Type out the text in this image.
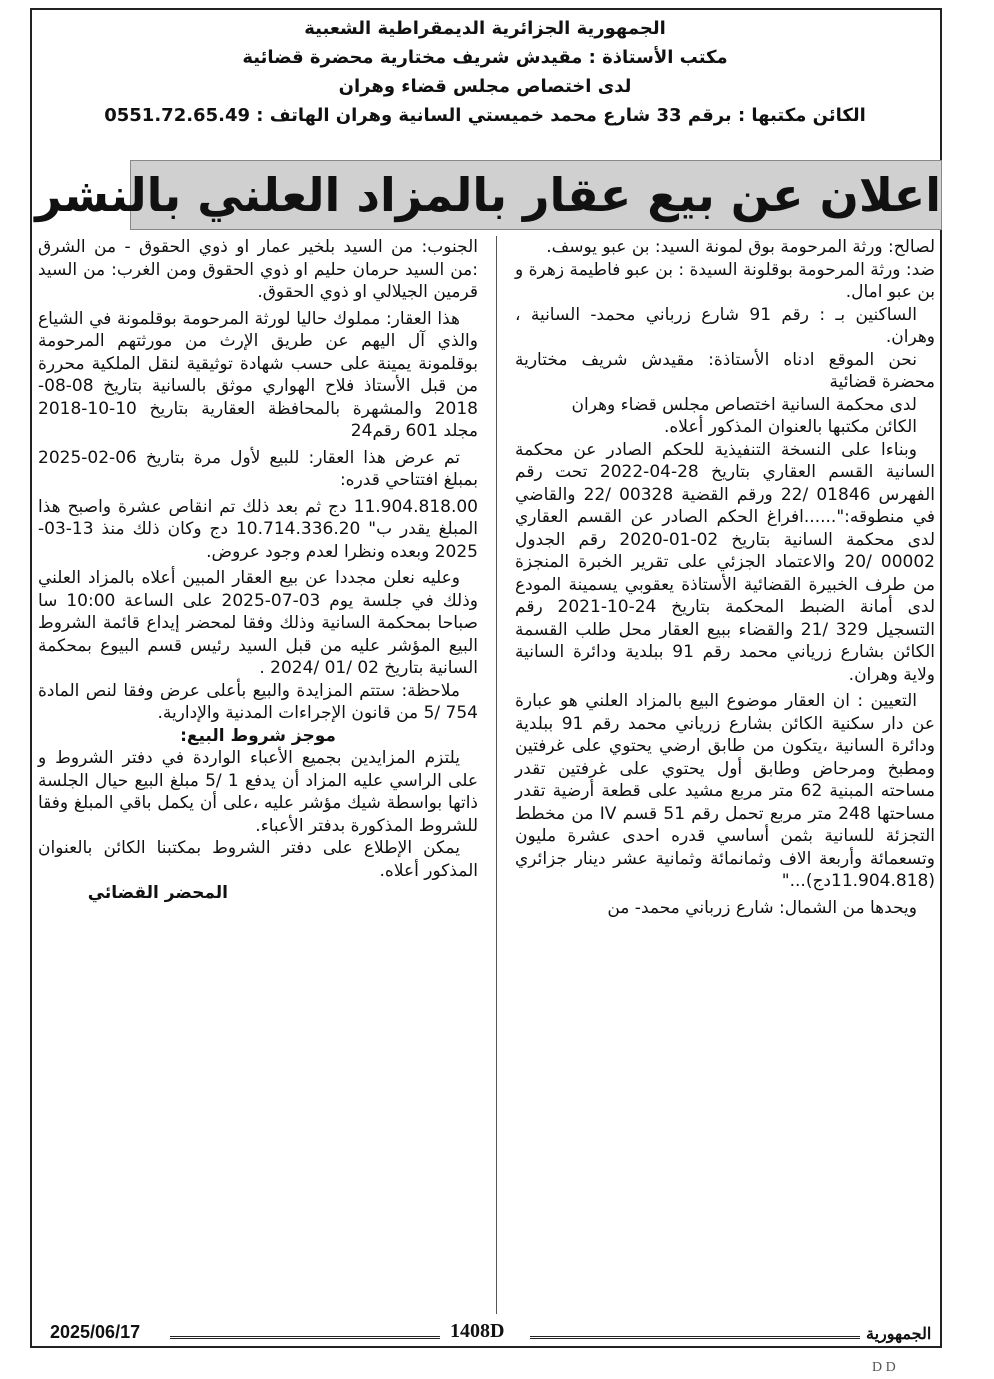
الجمهورية الجزائرية الديمقراطية الشعبية
مكتب الأستاذة : مقيدش شريف مختارية محضرة قضائية
لدى اختصاص مجلس قضاء وهران
الكائن مكتبها : برقم 33 شارع محمد خميستي السانية وهران الهاتف : 0551.72.65.49
اعلان عن بيع عقار بالمزاد العلني بالنشر

لصالح: ورثة المرحومة بوق لمونة السيد: بن عبو يوسف.

ضد: ورثة المرحومة بوقلونة السيدة : بن عبو فاطيمة زهرة و بن عبو امال.

الساكنين بـ : رقم 91 شارع زرباني محمد- السانية ، وهران.

نحن الموقع ادناه الأستاذة: مقيدش شريف مختارية محضرة قضائية

لدى محكمة السانية اختصاص مجلس قضاء وهران

الكائن مكتبها بالعنوان المذكور أعلاه.

وبناءا على النسخة التنفيذية للحكم الصادر عن محكمة السانية القسم العقاري بتاريخ 28-04-2022 تحت رقم الفهرس 01846 /22 ورقم القضية 00328 /22 والقاضي في منطوقه:"......افراغ الحكم الصادر عن القسم العقاري لدى محكمة السانية بتاريخ 02-01-2020 رقم الجدول 00002 /20 والاعتماد الجزئي على تقرير الخبرة المنجزة من طرف الخبيرة القضائية الأستاذة يعقوبي يسمينة المودع لدى أمانة الضبط المحكمة بتاريخ 24-10-2021 رقم التسجيل 329 /21 والقضاء ببيع العقار محل طلب القسمة الكائن بشارع زرياني محمد رقم 91 ببلدية ودائرة السانية ولاية وهران.

التعيين : ان العقار موضوع البيع بالمزاد العلني هو عبارة عن دار سكنية الكائن بشارع زرياني محمد رقم 91 ببلدية ودائرة السانية ،يتكون من طابق ارضي يحتوي على غرفتين ومطبخ ومرحاض وطابق أول يحتوي على غرفتين تقدر مساحته المبنية 62 متر مربع مشيد على قطعة أرضية تقدر مساحتها 248 متر مربع تحمل رقم 51 قسم IV من مخطط التجزئة للسانية بثمن أساسي قدره احدى عشرة مليون وتسعمائة وأربعة الاف وثمانمائة وثمانية عشر دينار جزائري (11.904.818دج)..."

ويحدها من الشمال: شارع زرباني محمد- من

الجنوب: من السيد بلخير عمار او ذوي الحقوق - من الشرق :من السيد حرمان حليم او ذوي الحقوق ومن الغرب: من السيد قرمين الجيلالي او ذوي الحقوق.

هذا العقار: مملوك حاليا لورثة المرحومة بوقلمونة في الشياع والذي آل اليهم عن طريق الإرث من مورثتهم المرحومة بوقلمونة يمينة على حسب شهادة توثيقية لنقل الملكية محررة من قبل الأستاذ فلاح الهواري موثق بالسانية بتاريخ 08-08-2018 والمشهرة بالمحافظة العقارية بتاريخ 10-10-2018 مجلد 601 رقم24

تم عرض هذا العقار: للبيع لأول مرة بتاريخ 06-02-2025 بمبلغ افتتاحي قدره:

11.904.818.00 دج ثم بعد ذلك تم انقاص عشرة واصبح هذا المبلغ يقدر ب" 10.714.336.20 دج وكان ذلك منذ 13-03-2025 وبعده ونظرا لعدم وجود عروض.

وعليه نعلن مجددا عن بيع العقار المبين أعلاه بالمزاد العلني وذلك في جلسة يوم 03-07-2025 على الساعة 10:00 سا صباحا بمحكمة السانية وذلك وفقا لمحضر إيداع قائمة الشروط البيع المؤشر عليه من قبل السيد رئيس قسم البيوع بمحكمة السانية بتاريخ 02 /01 /2024 .

ملاحظة: ستتم المزايدة والبيع بأعلى عرض وفقا لنص المادة 754 /5 من قانون الإجراءات المدنية والإدارية.

موجز شروط البيع:

يلتزم المزايدين بجميع الأعباء الواردة في دفتر الشروط و على الراسي عليه المزاد أن يدفع 1 /5 مبلغ البيع حيال الجلسة ذاتها بواسطة شيك مؤشر عليه ،على أن يكمل باقي المبلغ وفقا للشروط المذكورة بدفتر الأعباء.

يمكن الإطلاع على دفتر الشروط بمكتبنا الكائن بالعنوان المذكور أعلاه.

المحضر القضائي

2025/06/17	1408D	الجمهورية
D D
